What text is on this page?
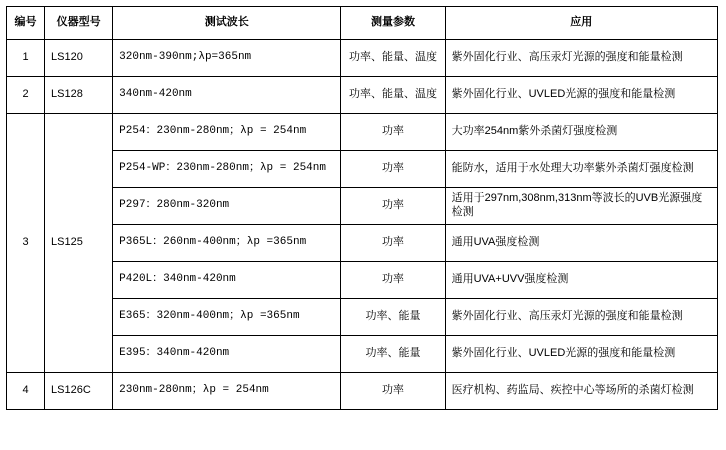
编号	仪器型号	测试波长	测量参数	应用
1	LS120	320nm-390nm;λp=365nm	功率、能量、温度	紫外固化行业、高压汞灯光源的强度和能量检测
2	LS128	340nm-420nm	功率、能量、温度	紫外固化行业、UVLED光源的强度和能量检测
3	LS125	P254：230nm-280nm；λp = 254nm	功率	大功率254nm紫外杀菌灯强度检测
		P254-WP：230nm-280nm；λp = 254nm	功率	能防水，适用于水处理大功率紫外杀菌灯强度检测
		P297：280nm-320nm	功率	适用于297nm,308nm,313nm等波长的UVB光源强度检测
		P365L：260nm-400nm；λp =365nm	功率	通用UVA强度检测
		P420L：340nm-420nm	功率	通用UVA+UVV强度检测
		E365：320nm-400nm；λp =365nm	功率、能量	紫外固化行业、高压汞灯光源的强度和能量检测
		E395：340nm-420nm	功率、能量	紫外固化行业、UVLED光源的强度和能量检测
4	LS126C	230nm-280nm；λp = 254nm	功率	医疗机构、药监局、疾控中心等场所的杀菌灯检测
